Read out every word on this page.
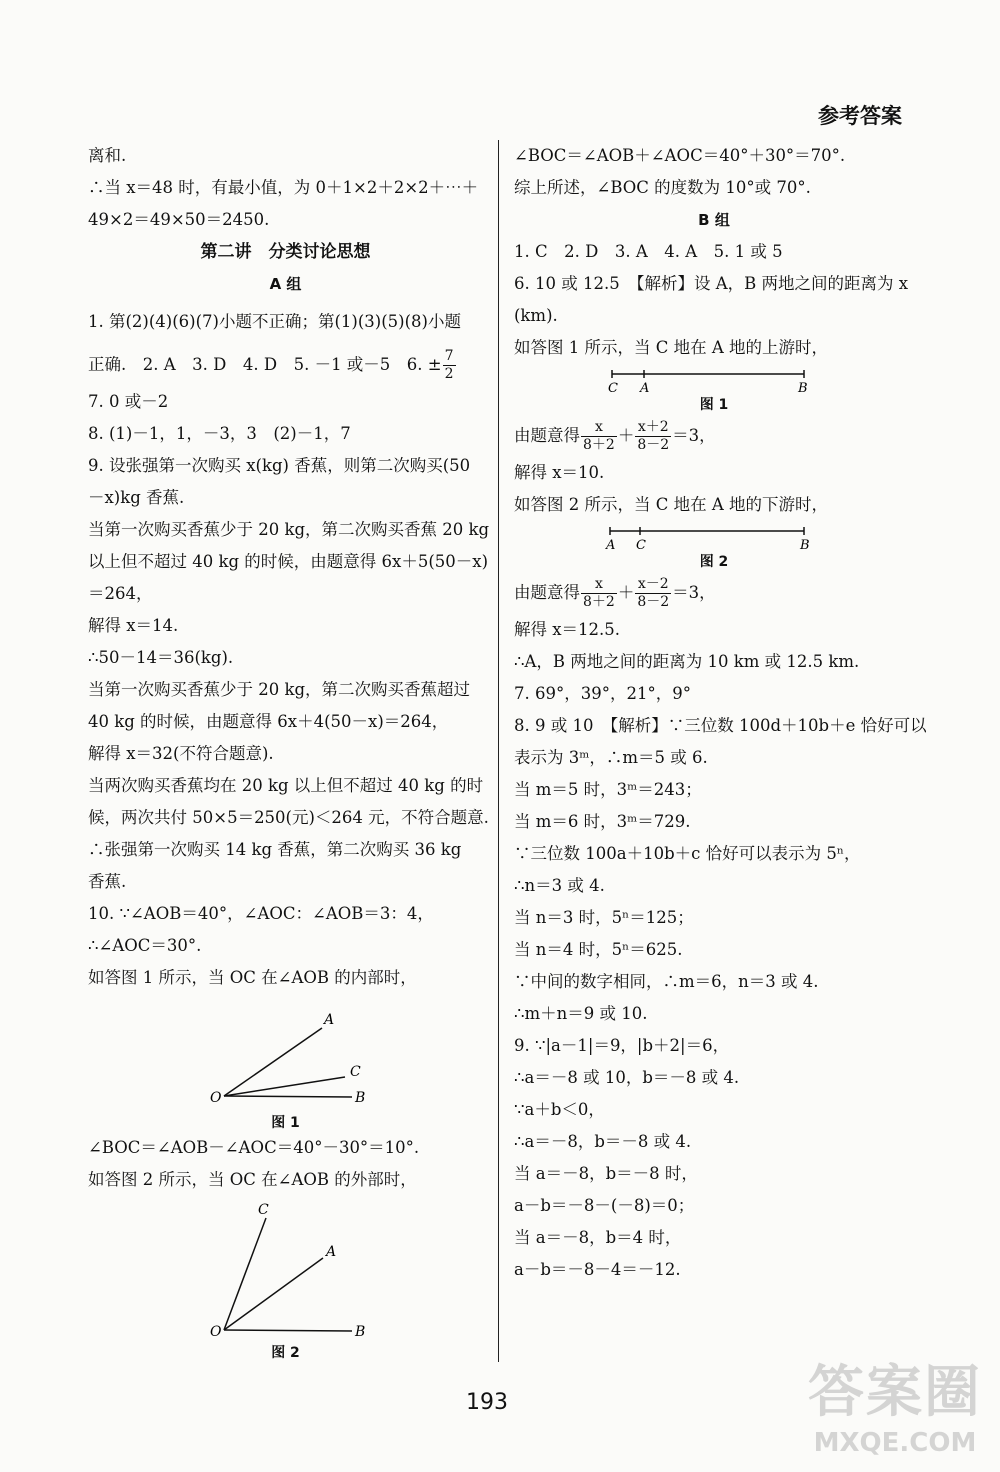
参考答案

离和.

∴当 x＝48 时，有最小值，为 0＋1×2＋2×2＋⋯＋

49×2＝49×50＝2450.

第二讲　分类讨论思想

A 组

1. 第(2)(4)(6)(7)小题不正确；第(1)(3)(5)(8)小题

正确.　2. A　3. D　4. D　5. －1 或－5　6. ± $\frac{7}{2}$

7. 0 或－2

8. (1)－1，1，－3，3　(2)－1，7

9. 设张强第一次购买 x(kg) 香蕉，则第二次购买(50

－x)kg 香蕉.

当第一次购买香蕉少于 20 kg，第二次购买香蕉 20 kg

以上但不超过 40 kg 的时候，由题意得 6x＋5(50－x)

＝264，

解得 x＝14.

∴50－14＝36(kg).

当第一次购买香蕉少于 20 kg，第二次购买香蕉超过

40 kg 的时候，由题意得 6x＋4(50－x)＝264，

解得 x＝32(不符合题意).

当两次购买香蕉均在 20 kg 以上但不超过 40 kg 的时

候，两次共付 50×5＝250(元)＜264 元，不符合题意.

∴张强第一次购买 14 kg 香蕉，第二次购买 36 kg

香蕉.

10. ∵∠AOB＝40°，∠AOC：∠AOB＝3：4，

∴∠AOC＝30°.

如答图 1 所示，当 OC 在∠AOB 的内部时，

A
C
O	B
图 1

∠BOC＝∠AOB－∠AOC＝40°－30°＝10°.

如答图 2 所示，当 OC 在∠AOB 的外部时，

C
A
O	B
图 2

∠BOC＝∠AOB＋∠AOC＝40°＋30°＝70°.

综上所述，∠BOC 的度数为 10°或 70°.

B 组

1. C　2. D　3. A　4. A　5. 1 或 5

6. 10 或 12.5　【解析】设 A，B 两地之间的距离为 x

(km).

如答图 1 所示，当 C 地在 A 地的上游时，

C A	B
图 1

由题意得 $\frac{x}{8+2} + \frac{x+2}{8-2} =3$，

解得 x＝10.

如答图 2 所示，当 C 地在 A 地的下游时，

A C	B
图 2

由题意得 $\frac{x}{8+2} + \frac{x-2}{8-2} =3$，

解得 x＝12.5.

∴A，B 两地之间的距离为 10 km 或 12.5 km.

7. 69°，39°，21°，9°

8. 9 或 10　【解析】∵三位数 100d＋10b＋e 恰好可以

表示为 3ᵐ，∴m＝5 或 6.

当 m＝5 时，3ᵐ＝243；

当 m＝6 时，3ᵐ＝729.

∵三位数 100a＋10b＋c 恰好可以表示为 5ⁿ，

∴n＝3 或 4.

当 n＝3 时，5ⁿ＝125；

当 n＝4 时，5ⁿ＝625.

∵中间的数字相同，∴m＝6，n＝3 或 4.

∴m＋n＝9 或 10.

9. ∵|a－1|＝9，|b＋2|＝6，

∴a＝－8 或 10，b＝－8 或 4.

∵a＋b＜0，

∴a＝－8，b＝－8 或 4.

当 a＝－8，b＝－8 时，

a－b＝－8－(－8)＝0；

当 a＝－8，b＝4 时，

a－b＝－8－4＝－12.

193	答案圈
MXQE.COM
